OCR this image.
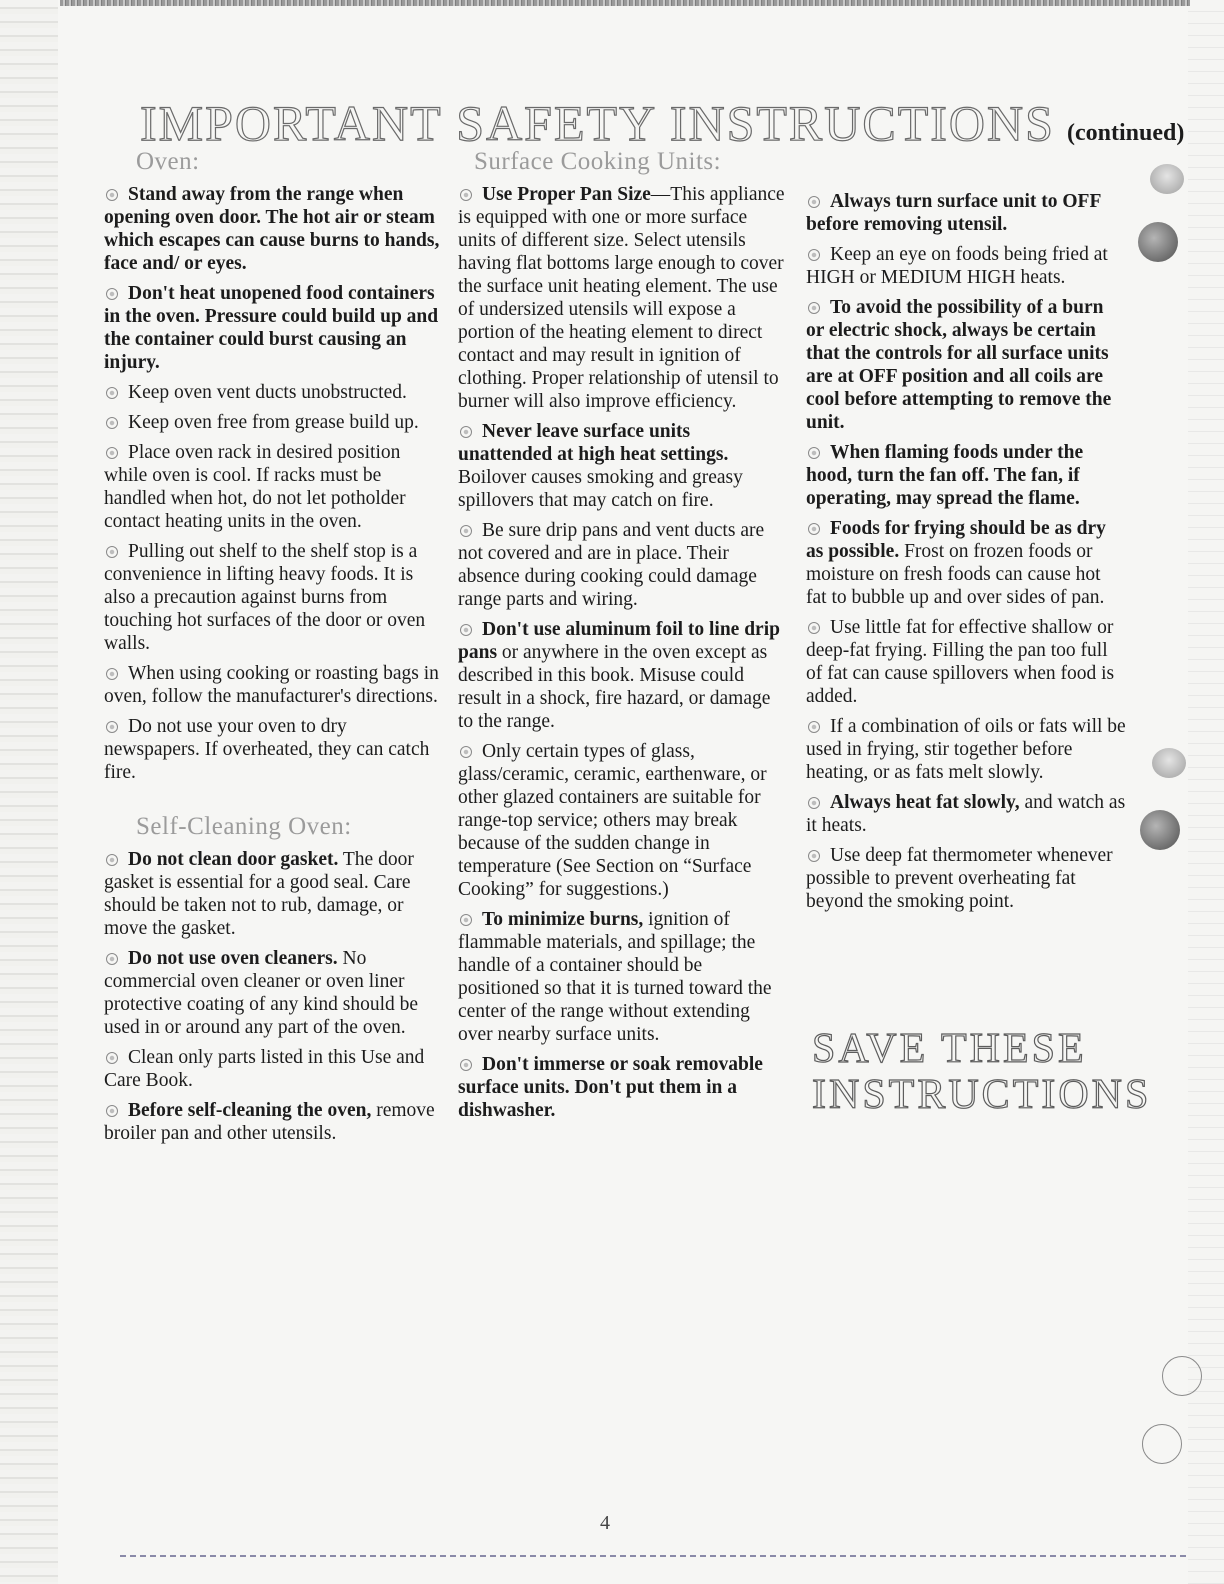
IMPORTANT SAFETY INSTRUCTIONS (continued)
Oven:
Stand away from the range when opening oven door. The hot air or steam which escapes can cause burns to hands, face and/ or eyes.
Don't heat unopened food containers in the oven. Pressure could build up and the container could burst causing an injury.
Keep oven vent ducts unobstructed.
Keep oven free from grease build up.
Place oven rack in desired position while oven is cool. If racks must be handled when hot, do not let potholder contact heating units in the oven.
Pulling out shelf to the shelf stop is a convenience in lifting heavy foods. It is also a precaution against burns from touching hot surfaces of the door or oven walls.
When using cooking or roasting bags in oven, follow the manufacturer's directions.
Do not use your oven to dry newspapers. If overheated, they can catch fire.
Self-Cleaning Oven:
Do not clean door gasket. The door gasket is essential for a good seal. Care should be taken not to rub, damage, or move the gasket.
Do not use oven cleaners. No commercial oven cleaner or oven liner protective coating of any kind should be used in or around any part of the oven.
Clean only parts listed in this Use and Care Book.
Before self-cleaning the oven, remove broiler pan and other utensils.
Surface Cooking Units:
Use Proper Pan Size—This appliance is equipped with one or more surface units of different size. Select utensils having flat bottoms large enough to cover the surface unit heating element. The use of undersized utensils will expose a portion of the heating element to direct contact and may result in ignition of clothing. Proper relationship of utensil to burner will also improve efficiency.
Never leave surface units unattended at high heat settings. Boilover causes smoking and greasy spillovers that may catch on fire.
Be sure drip pans and vent ducts are not covered and are in place. Their absence during cooking could damage range parts and wiring.
Don't use aluminum foil to line drip pans or anywhere in the oven except as described in this book. Misuse could result in a shock, fire hazard, or damage to the range.
Only certain types of glass, glass/ceramic, ceramic, earthenware, or other glazed containers are suitable for range-top service; others may break because of the sudden change in temperature (See Section on “Surface Cooking” for suggestions.)
To minimize burns, ignition of flammable materials, and spillage; the handle of a container should be positioned so that it is turned toward the center of the range without extending over nearby surface units.
Don't immerse or soak removable surface units. Don't put them in a dishwasher.
Always turn surface unit to OFF before removing utensil.
Keep an eye on foods being fried at HIGH or MEDIUM HIGH heats.
To avoid the possibility of a burn or electric shock, always be certain that the controls for all surface units are at OFF position and all coils are cool before attempting to remove the unit.
When flaming foods under the hood, turn the fan off. The fan, if operating, may spread the flame.
Foods for frying should be as dry as possible. Frost on frozen foods or moisture on fresh foods can cause hot fat to bubble up and over sides of pan.
Use little fat for effective shallow or deep-fat frying. Filling the pan too full of fat can cause spillovers when food is added.
If a combination of oils or fats will be used in frying, stir together before heating, or as fats melt slowly.
Always heat fat slowly, and watch as it heats.
Use deep fat thermometer whenever possible to prevent overheating fat beyond the smoking point.
SAVE THESE INSTRUCTIONS
4
